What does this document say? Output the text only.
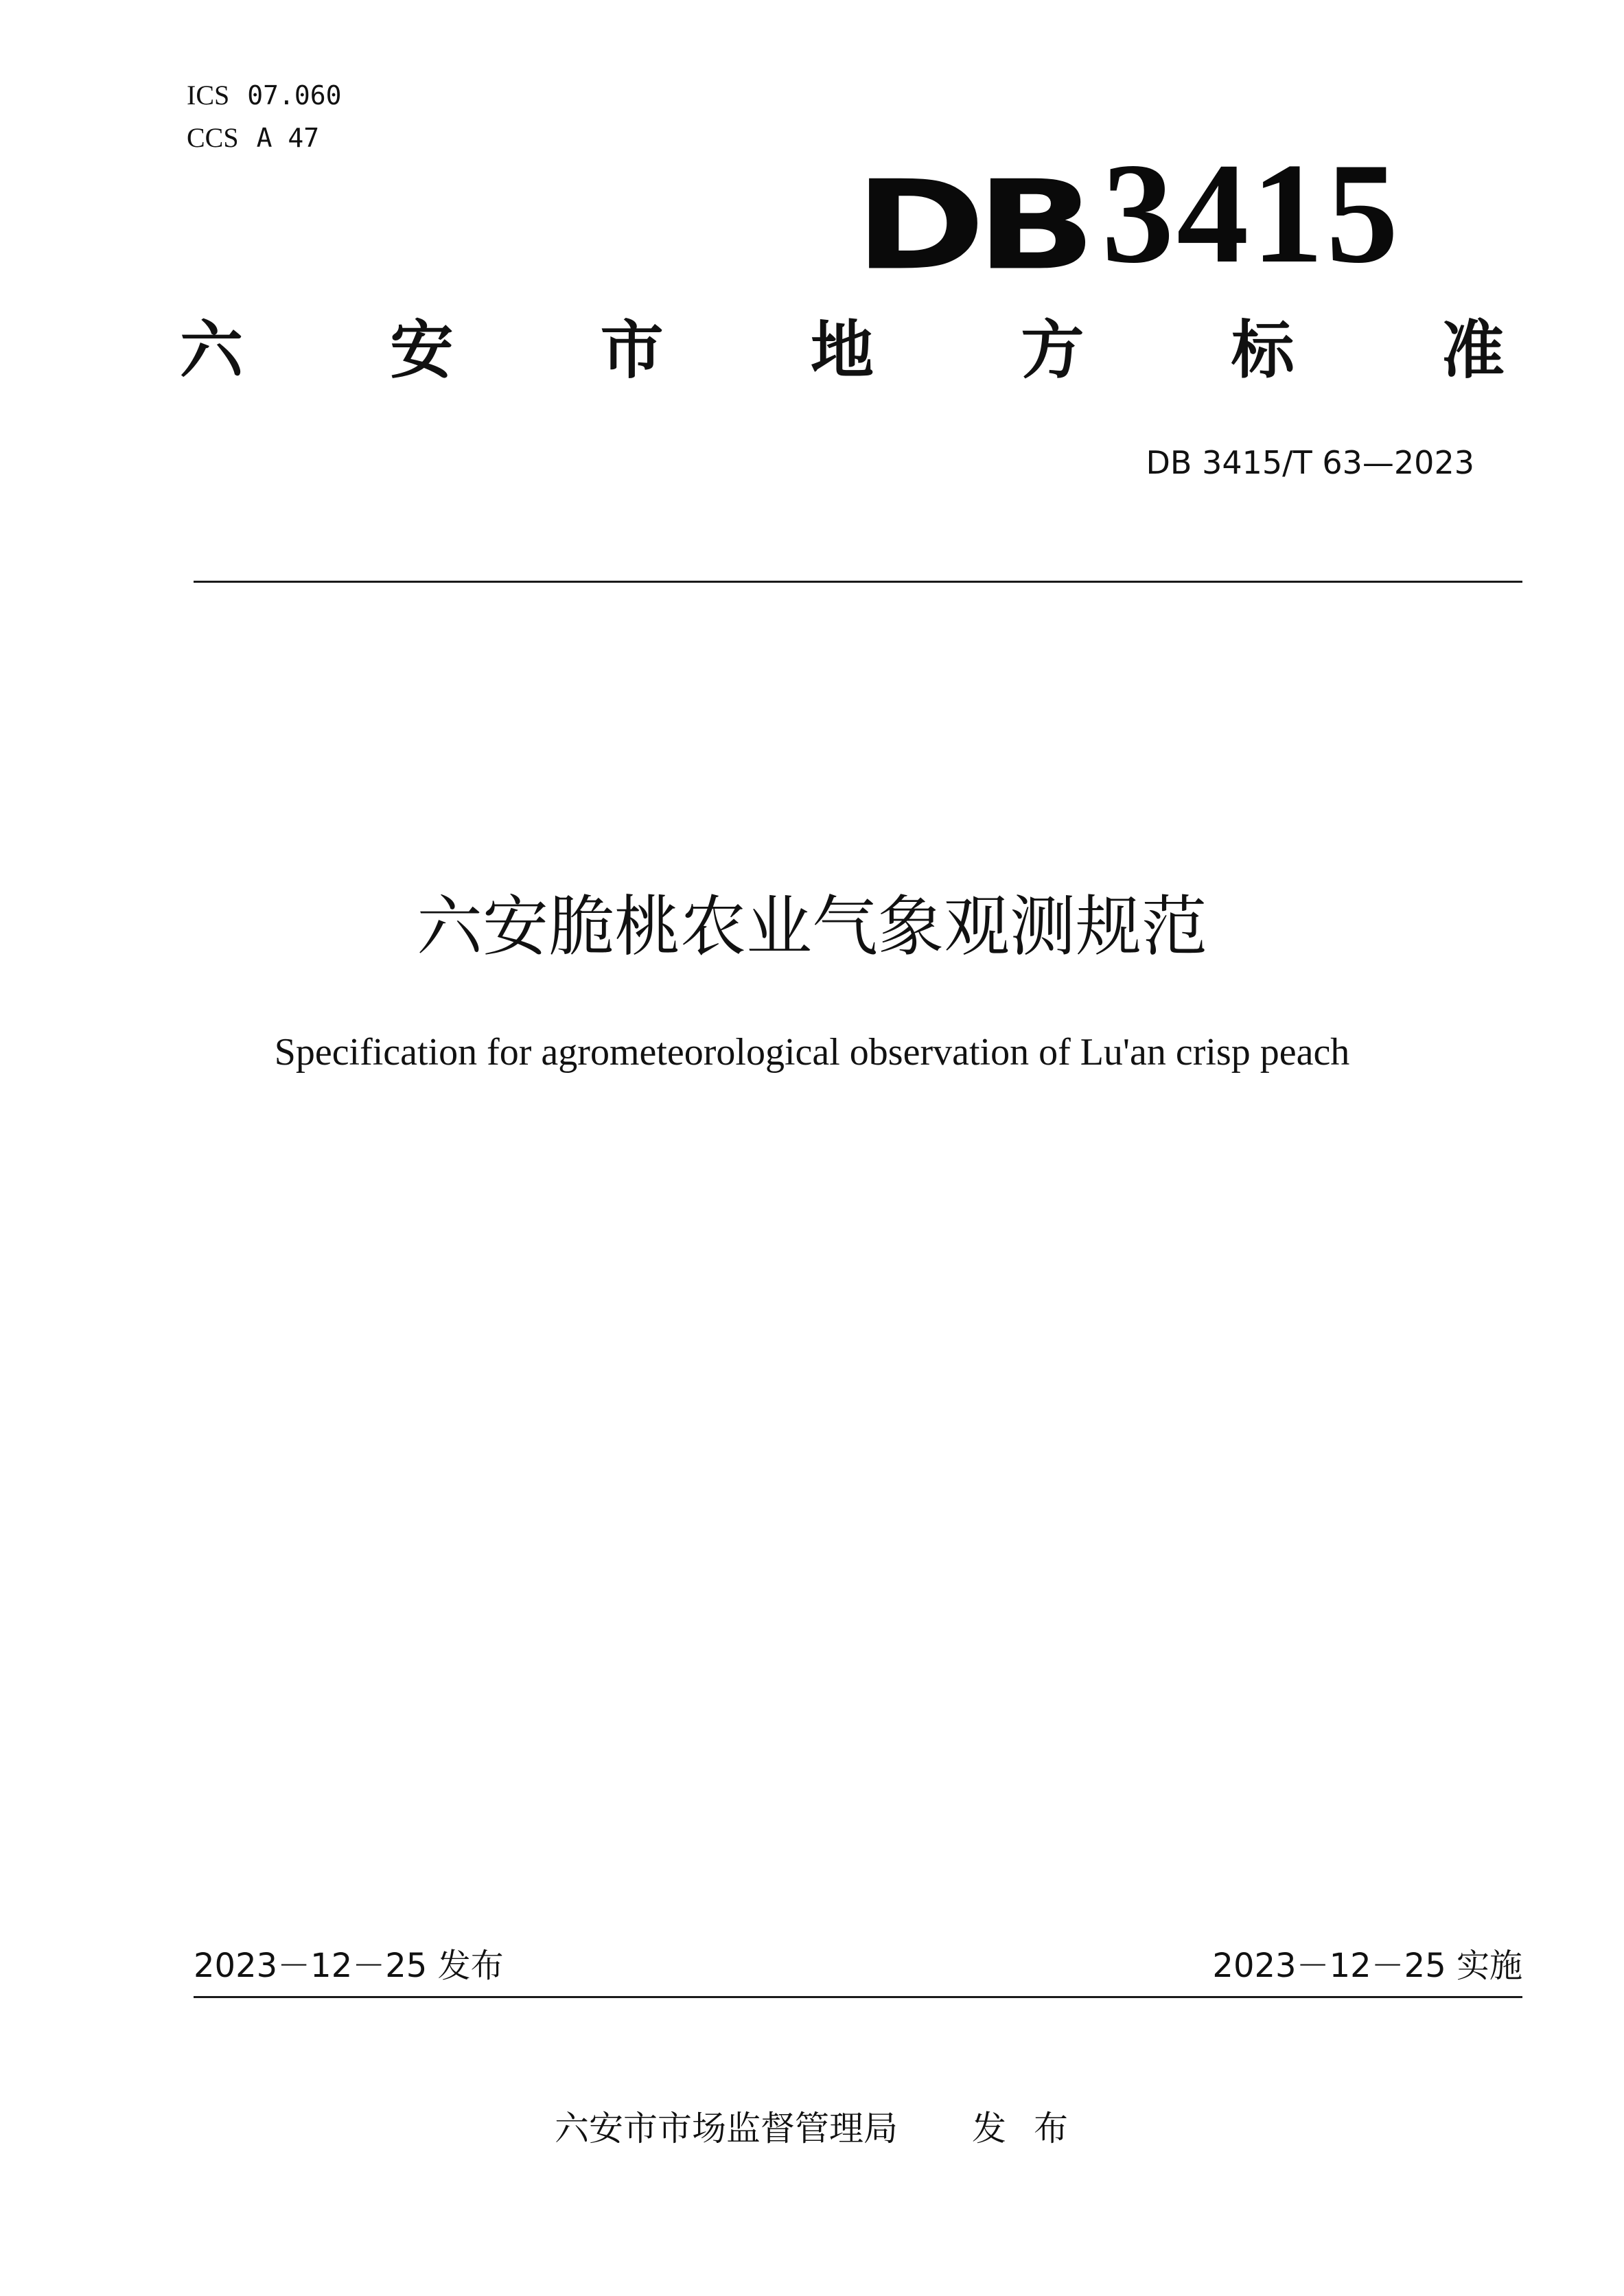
ICS 07.060
CCS A 47
DB 3415
六 安 市 地 方 标 准
DB 3415/T 63—2023
六安脆桃农业气象观测规范
Specification for agrometeorological observation of Lu'an crisp peach
2023－12－25 发布	2023－12－25 实施
六安市市场监督管理局 发布
